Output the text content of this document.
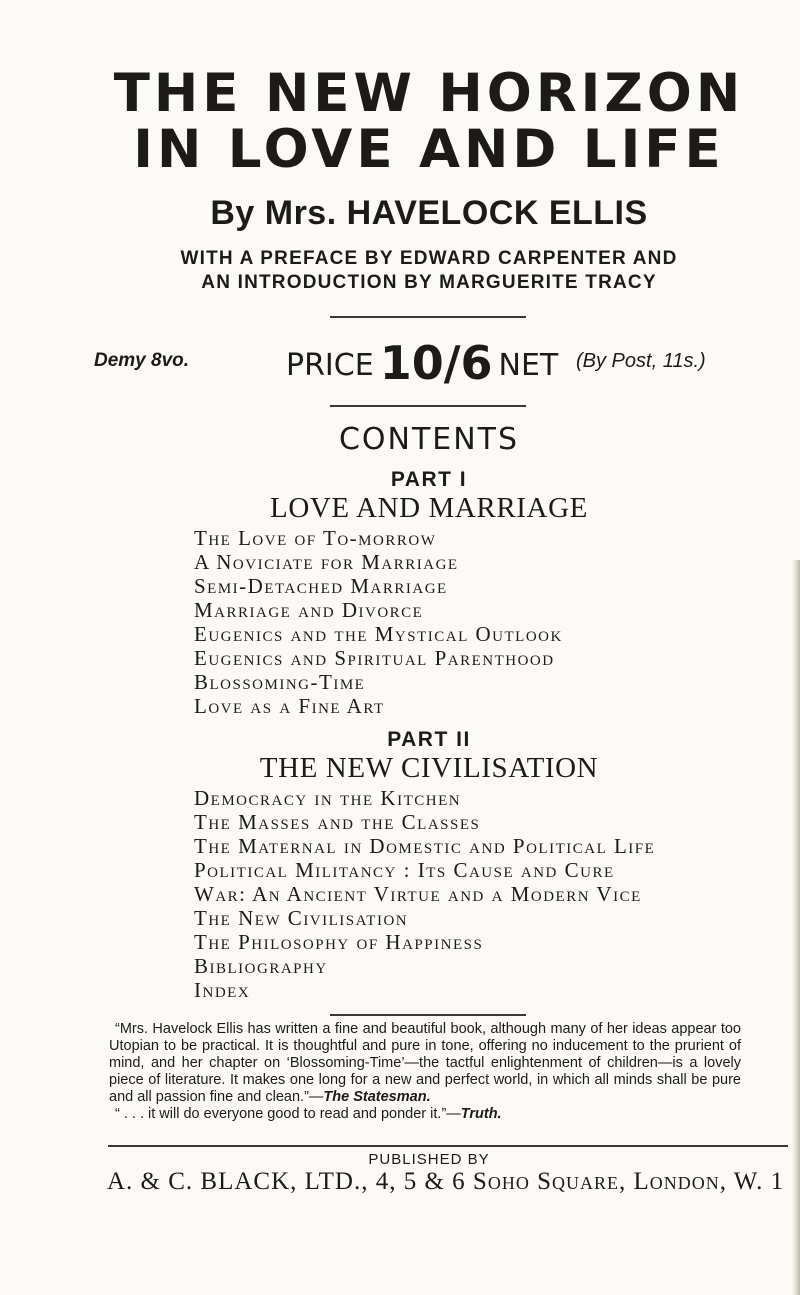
THE NEW HORIZON
IN LOVE AND LIFE
By Mrs. HAVELOCK ELLIS
WITH A PREFACE BY EDWARD CARPENTER AND
AN INTRODUCTION BY MARGUERITE TRACY
Demy 8vo.	PRICE 10/6 NET (By Post, 11s.)
CONTENTS
PART I
LOVE AND MARRIAGE
The Love of To-morrow
A Noviciate for Marriage
Semi-Detached Marriage
Marriage and Divorce
Eugenics and the Mystical Outlook
Eugenics and Spiritual Parenthood
Blossoming-Time
Love as a Fine Art
PART II
THE NEW CIVILISATION
Democracy in the Kitchen
The Masses and the Classes
The Maternal in Domestic and Political Life
Political Militancy : Its Cause and Cure
War: An Ancient Virtue and a Modern Vice
The New Civilisation
The Philosophy of Happiness
Bibliography
Index

“Mrs. Havelock Ellis has written a fine and beautiful book, although many of her ideas appear too Utopian to be practical. It is thoughtful and pure in tone, offering no inducement to the prurient of mind, and her chapter on ‘Blossoming-Time’—the tactful enlightenment of children—is a lovely piece of literature. It makes one long for a new and perfect world, in which all minds shall be pure and all passion fine and clean.”—The Statesman.

“ . . . it will do everyone good to read and ponder it.”—Truth.

PUBLISHED BY
A. & C. BLACK, LTD., 4, 5 & 6 Soho Square, London, W. 1
